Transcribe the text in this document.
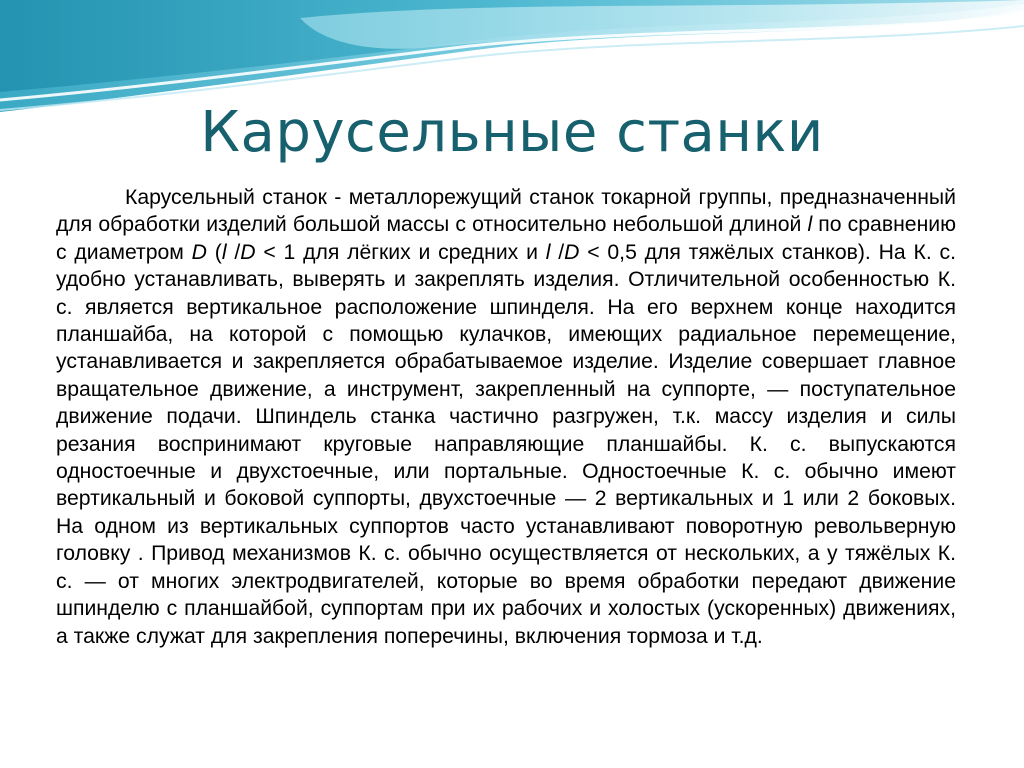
Карусельные станки

Карусельный станок - металлорежущий станок токарной группы, предназначенный для обработки изделий большой массы с относительно небольшой длиной l по сравнению с диаметром D (l /D < 1 для лёгких и средних и l /D < 0,5 для тяжёлых станков). На К. с. удобно устанавливать, выверять и закреплять изделия. Отличительной особенностью К. с. является вертикальное расположение шпинделя. На его верхнем конце находится планшайба, на которой с помощью кулачков, имеющих радиальное перемещение, устанавливается и закрепляется обрабатываемое изделие. Изделие совершает главное вращательное движение, а инструмент, закрепленный на суппорте, — поступательное движение подачи. Шпиндель станка частично разгружен, т.к. массу изделия и силы резания воспринимают круговые направляющие планшайбы. К. с. выпускаются одностоечные и двухстоечные, или портальные. Одностоечные К. с. обычно имеют вертикальный и боковой суппорты, двухстоечные — 2 вертикальных и 1 или 2 боковых. На одном из вертикальных суппортов часто устанавливают поворотную револьверную головку . Привод механизмов К. с. обычно осуществляется от нескольких, а у тяжёлых К. с. — от многих электродвигателей, которые во время обработки передают движение шпинделю с планшайбой, суппортам при их рабочих и холостых (ускоренных) движениях, а также служат для закрепления поперечины, включения тормоза и т.д.
